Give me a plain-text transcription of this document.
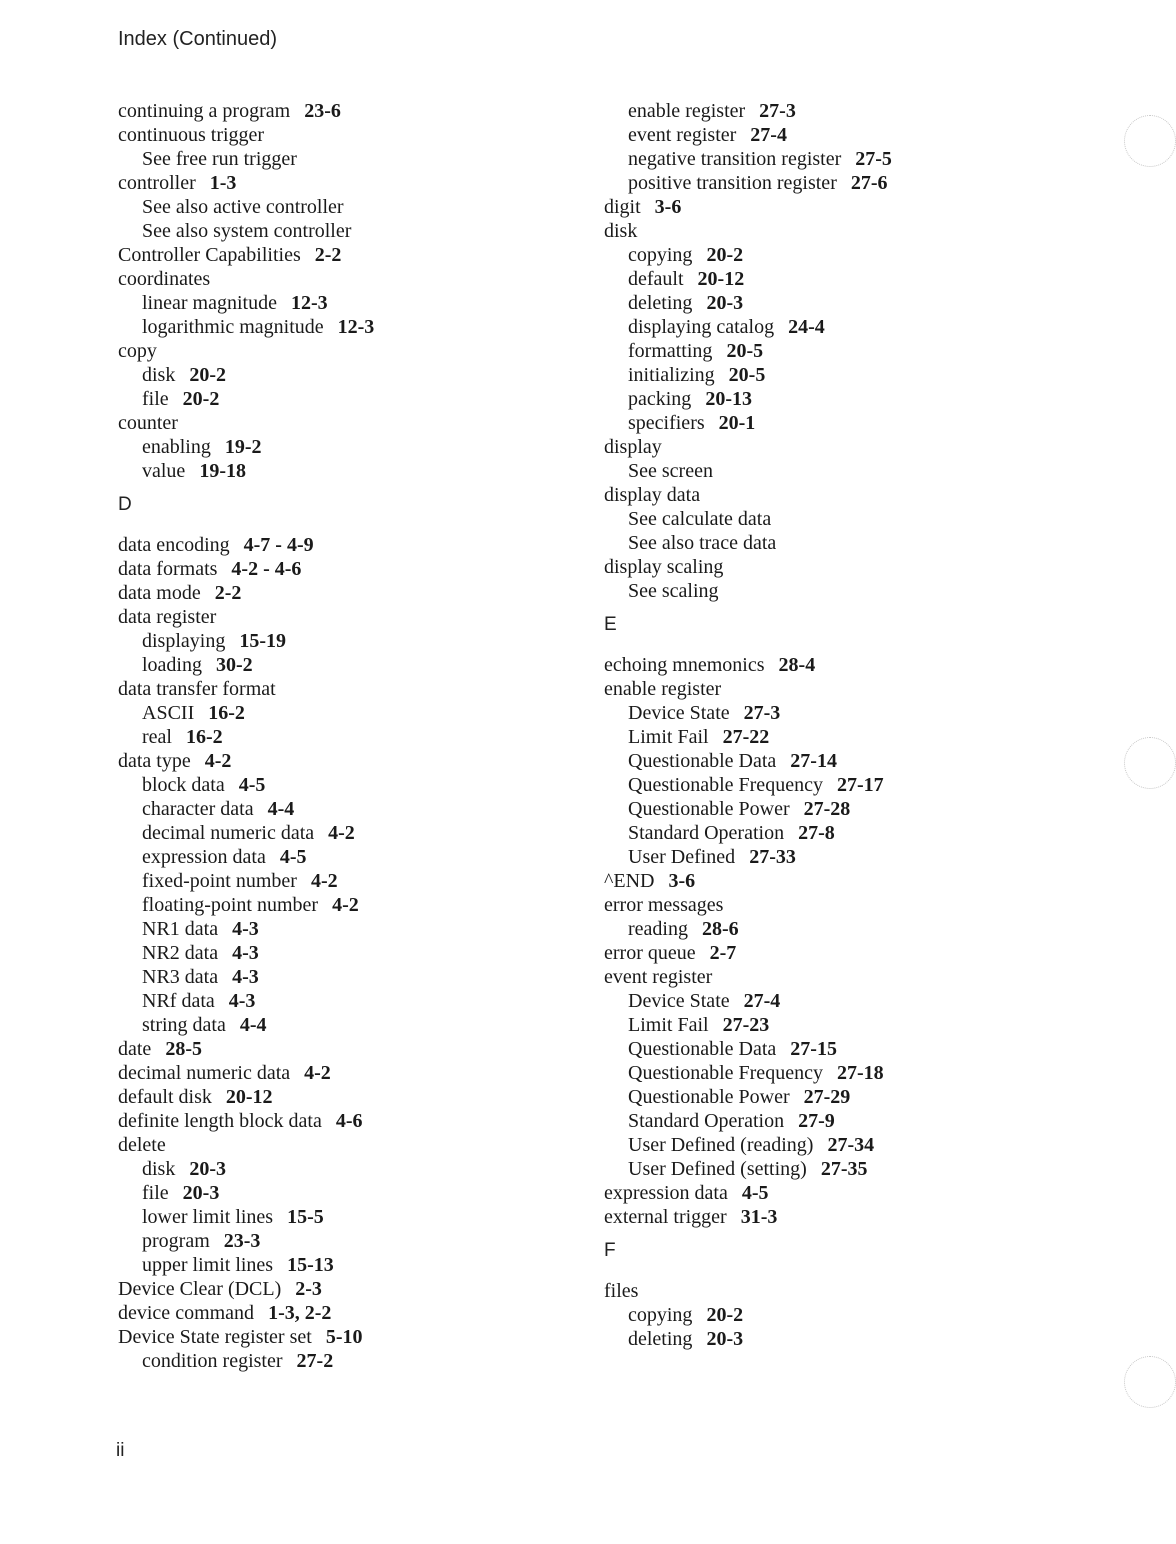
Index (Continued)
continuing a program 23-6
continuous trigger
See free run trigger
controller 1-3
See also active controller
See also system controller
Controller Capabilities 2-2
coordinates
linear magnitude 12-3
logarithmic magnitude 12-3
copy
disk 20-2
file 20-2
counter
enabling 19-2
value 19-18
D
data encoding 4-7 - 4-9
data formats 4-2 - 4-6
data mode 2-2
data register
displaying 15-19
loading 30-2
data transfer format
ASCII 16-2
real 16-2
data type 4-2
block data 4-5
character data 4-4
decimal numeric data 4-2
expression data 4-5
fixed-point number 4-2
floating-point number 4-2
NR1 data 4-3
NR2 data 4-3
NR3 data 4-3
NRf data 4-3
string data 4-4
date 28-5
decimal numeric data 4-2
default disk 20-12
definite length block data 4-6
delete
disk 20-3
file 20-3
lower limit lines 15-5
program 23-3
upper limit lines 15-13
Device Clear (DCL) 2-3
device command 1-3, 2-2
Device State register set 5-10
condition register 27-2
enable register 27-3
event register 27-4
negative transition register 27-5
positive transition register 27-6
digit 3-6
disk
copying 20-2
default 20-12
deleting 20-3
displaying catalog 24-4
formatting 20-5
initializing 20-5
packing 20-13
specifiers 20-1
display
See screen
display data
See calculate data
See also trace data
display scaling
See scaling
E
echoing mnemonics 28-4
enable register
Device State 27-3
Limit Fail 27-22
Questionable Data 27-14
Questionable Frequency 27-17
Questionable Power 27-28
Standard Operation 27-8
User Defined 27-33
^END 3-6
error messages
reading 28-6
error queue 2-7
event register
Device State 27-4
Limit Fail 27-23
Questionable Data 27-15
Questionable Frequency 27-18
Questionable Power 27-29
Standard Operation 27-9
User Defined (reading) 27-34
User Defined (setting) 27-35
expression data 4-5
external trigger 31-3
F
files
copying 20-2
deleting 20-3
ii
